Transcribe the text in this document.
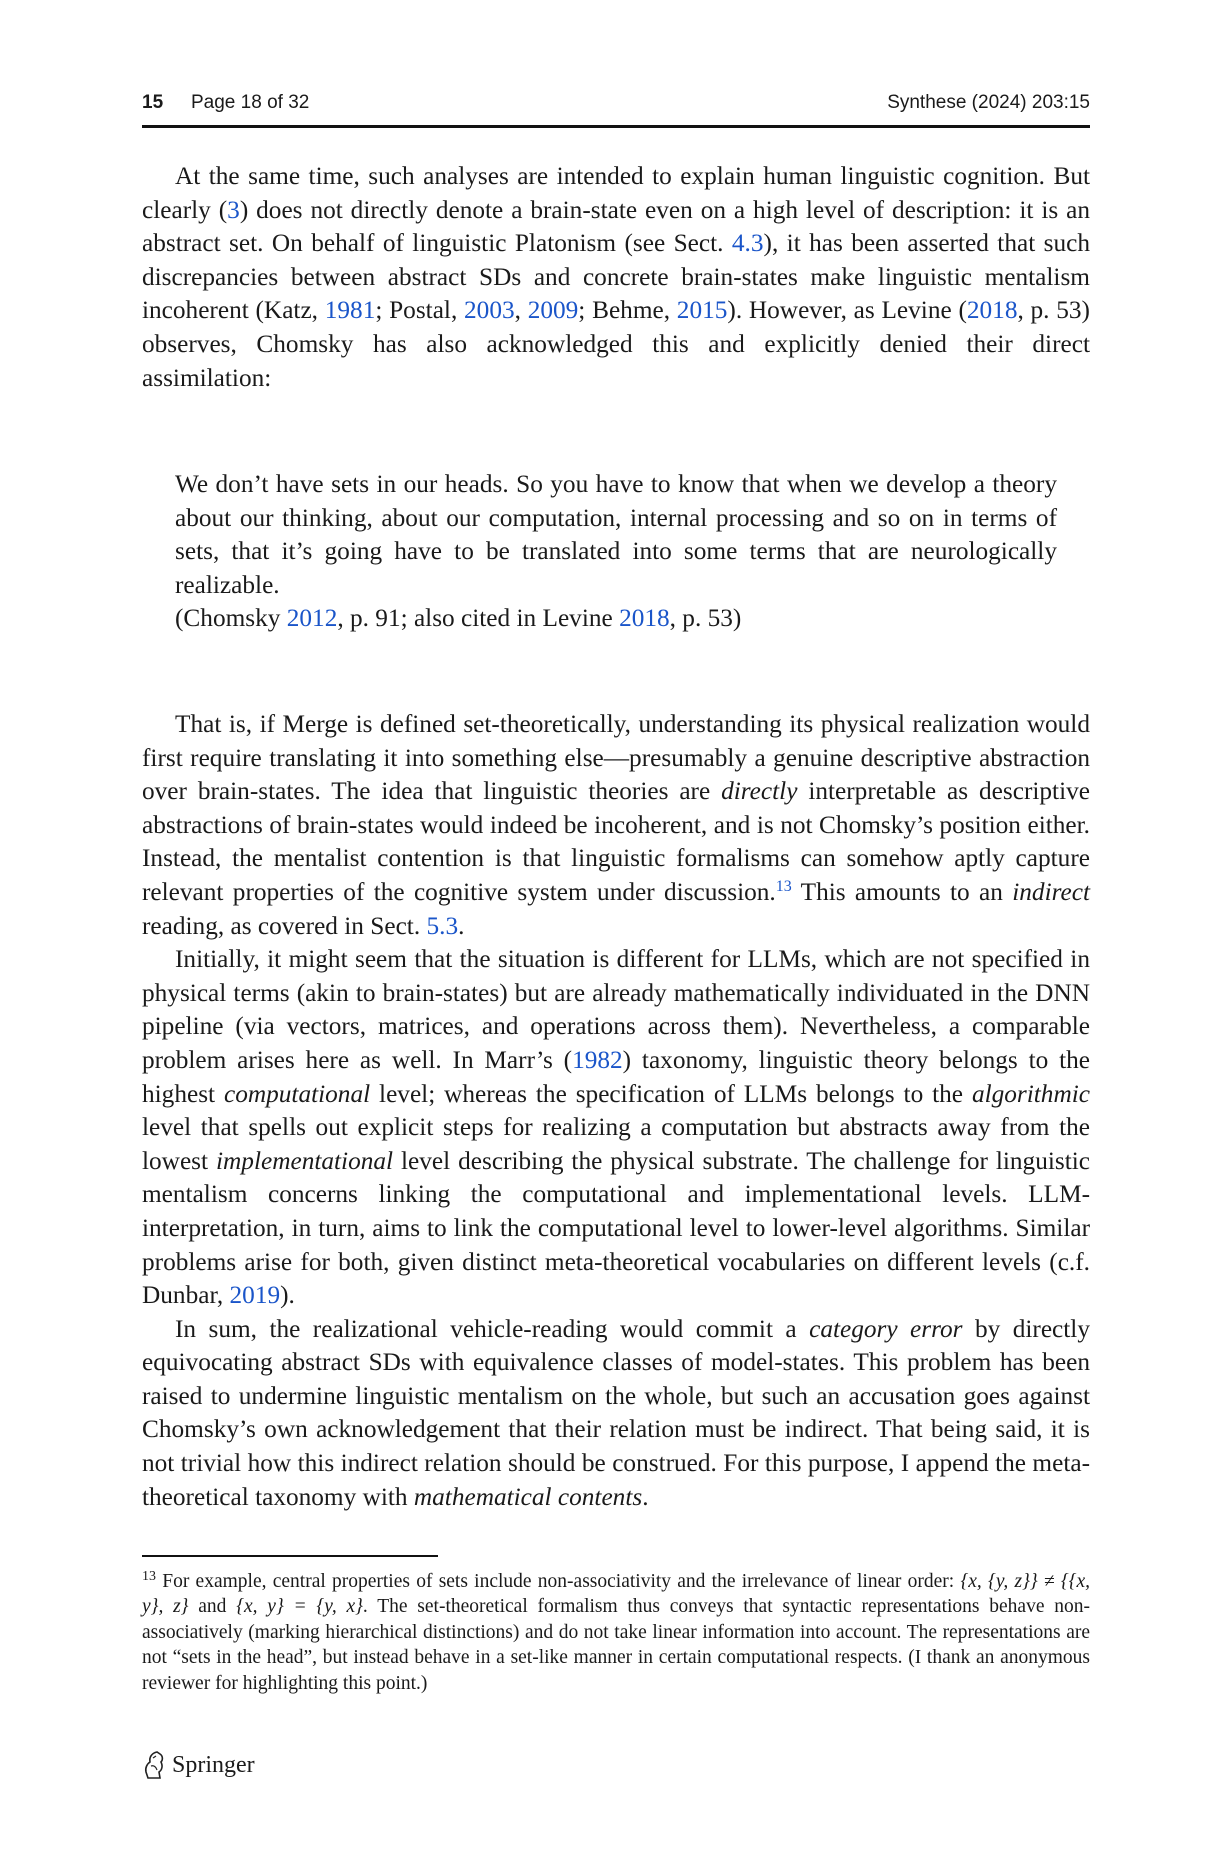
15 Page 18 of 32	Synthese (2024) 203:15

At the same time, such analyses are intended to explain human linguistic cognition. But clearly (3) does not directly denote a brain-state even on a high level of description: it is an abstract set. On behalf of linguistic Platonism (see Sect. 4.3), it has been asserted that such discrepancies between abstract SDs and concrete brain-states make linguistic mentalism incoherent (Katz, 1981; Postal, 2003, 2009; Behme, 2015). However, as Levine (2018, p. 53) observes, Chomsky has also acknowledged this and explicitly denied their direct assimilation:

We don’t have sets in our heads. So you have to know that when we develop a theory about our thinking, about our computation, internal processing and so on in terms of sets, that it’s going have to be translated into some terms that are neurologically realizable.

(Chomsky 2012, p. 91; also cited in Levine 2018, p. 53)

That is, if Merge is defined set-theoretically, understanding its physical realization would first require translating it into something else—presumably a genuine descriptive abstraction over brain-states. The idea that linguistic theories are directly interpretable as descriptive abstractions of brain-states would indeed be incoherent, and is not Chomsky’s position either. Instead, the mentalist contention is that linguistic formalisms can somehow aptly capture relevant properties of the cognitive system under discussion.$^{13}$ This amounts to an indirect reading, as covered in Sect. 5.3.

Initially, it might seem that the situation is different for LLMs, which are not specified in physical terms (akin to brain-states) but are already mathematically individuated in the DNN pipeline (via vectors, matrices, and operations across them). Nevertheless, a comparable problem arises here as well. In Marr’s (1982) taxonomy, linguistic theory belongs to the highest computational level; whereas the specification of LLMs belongs to the algorithmic level that spells out explicit steps for realizing a computation but abstracts away from the lowest implementational level describing the physical substrate. The challenge for linguistic mentalism concerns linking the computational and implementational levels. LLM-interpretation, in turn, aims to link the computational level to lower-level algorithms. Similar problems arise for both, given distinct meta-theoretical vocabularies on different levels (c.f. Dunbar, 2019).

In sum, the realizational vehicle-reading would commit a category error by directly equivocating abstract SDs with equivalence classes of model-states. This problem has been raised to undermine linguistic mentalism on the whole, but such an accusation goes against Chomsky’s own acknowledgement that their relation must be indirect. That being said, it is not trivial how this indirect relation should be construed. For this purpose, I append the meta-theoretical taxonomy with mathematical contents.

$^{13}$ For example, central properties of sets include non-associativity and the irrelevance of linear order: {x, {y, z}} ≠ {{x, y}, z} and {x, y} = {y, x}. The set-theoretical formalism thus conveys that syntactic representations behave non-associatively (marking hierarchical distinctions) and do not take linear information into account. The representations are not “sets in the head”, but instead behave in a set-like manner in certain computational respects. (I thank an anonymous reviewer for highlighting this point.)

Springer
